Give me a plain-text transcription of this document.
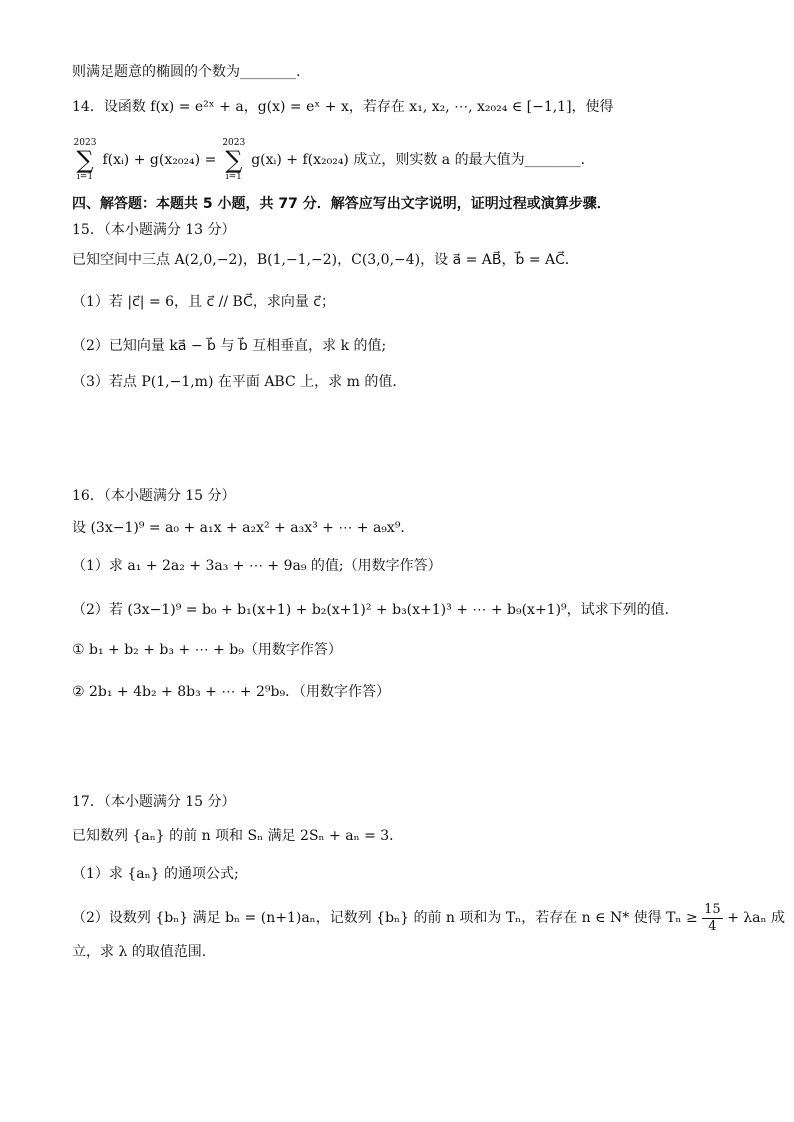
则满足题意的椭圆的个数为________.
14．设函数 f(x) = e²ˣ + a，g(x) = eˣ + x，若存在 x₁, x₂, ⋯, x₂₀₂₄ ∈ [−1,1]，使得
2023
∑
i=1
f(xᵢ) + g(x₂₀₂₄) =
2023
∑
i=1
g(xᵢ) + f(x₂₀₂₄) 成立，则实数 a 的最大值为________.
四、解答题：本题共 5 小题，共 77 分．解答应写出文字说明，证明过程或演算步骤．
15．（本小题满分 13 分）
已知空间中三点 A(2,0,−2)，B(1,−1,−2)，C(3,0,−4)，设 a⃗ = AB⃗，b⃗ = AC⃗．
（1）若 |c⃗| = 6，且 c⃗ // BC⃗，求向量 c⃗；
（2）已知向量 ka⃗ − b⃗ 与 b⃗ 互相垂直，求 k 的值;
（3）若点 P(1,−1,m) 在平面 ABC 上，求 m 的值．
16．（本小题满分 15 分）
设 (3x−1)⁹ = a₀ + a₁x + a₂x² + a₃x³ + ⋯ + a₉x⁹．
（1）求 a₁ + 2a₂ + 3a₃ + ⋯ + 9a₉ 的值;（用数字作答）
（2）若 (3x−1)⁹ = b₀ + b₁(x+1) + b₂(x+1)² + b₃(x+1)³ + ⋯ + b₉(x+1)⁹，试求下列的值．
① b₁ + b₂ + b₃ + ⋯ + b₉（用数字作答）
② 2b₁ + 4b₂ + 8b₃ + ⋯ + 2⁹b₉．（用数字作答）
17．（本小题满分 15 分）
已知数列 {aₙ} 的前 n 项和 Sₙ 满足 2Sₙ + aₙ = 3．
（1）求 {aₙ} 的通项公式;
（2）设数列 {bₙ} 满足 bₙ = (n+1)aₙ，记数列 {bₙ} 的前 n 项和为 Tₙ，若存在 n ∈ N* 使得 $T_n \ge \frac{15}{4} + \lambda a_n$ 成
立，求 λ 的取值范围．
